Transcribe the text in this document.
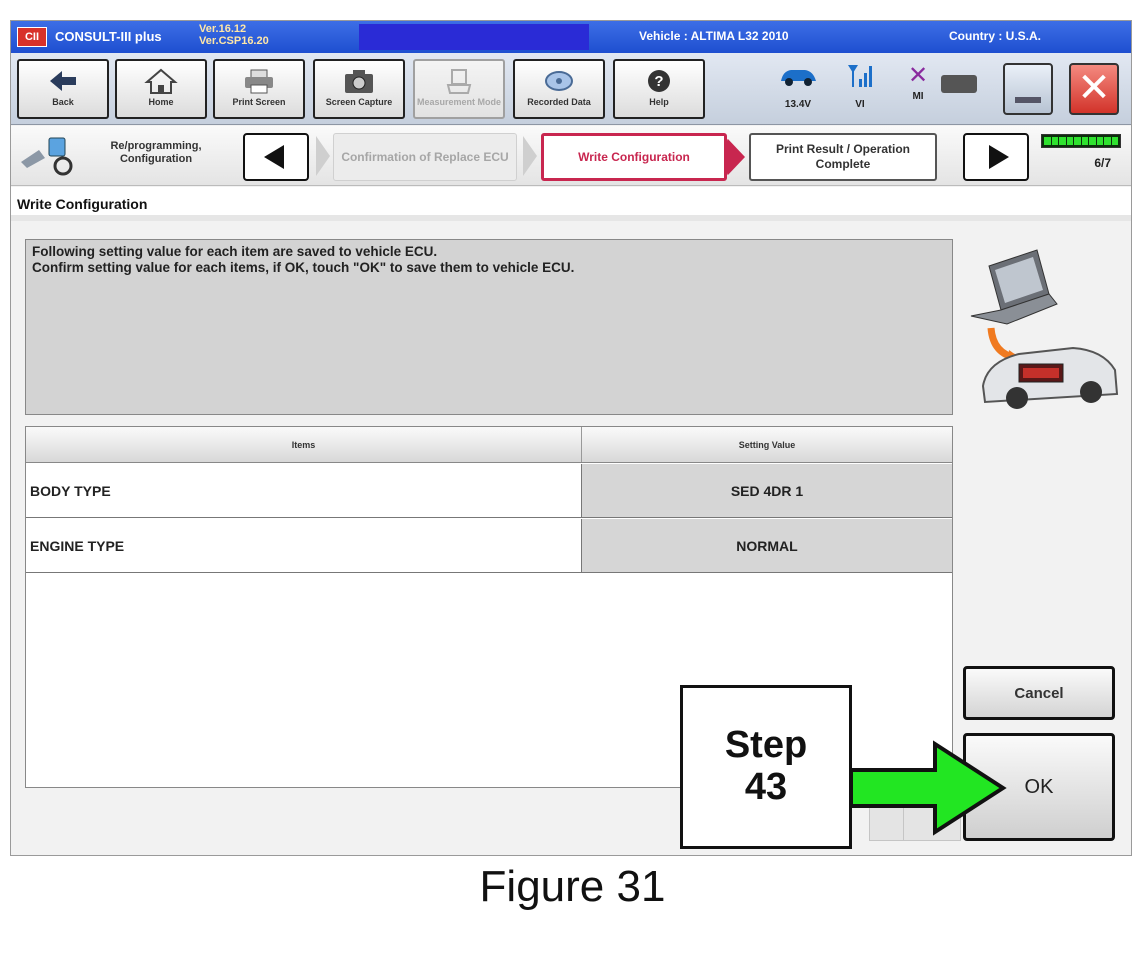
CII	CONSULT-III plus	Ver.16.12
Ver.CSP16.20	Vehicle : ALTIMA L32 2010	Country : U.S.A.
Back	Home	Print Screen	Screen Capture	Measurement Mode	Recorded Data
?
Help	13.4V	VI
✕
MI	✕
Re/programming, Configuration	Confirmation of Replace ECU	Write Configuration
Print Result / Operation Complete	6/7
Write Configuration

Following setting value for each item are saved to vehicle ECU.

Confirm setting value for each items, if OK, touch "OK" to save them to vehicle ECU.

Items	Setting Value
BODY TYPE	SED 4DR 1
ENGINE TYPE	NORMAL
Cancel
OK
Step
43
Figure 31
